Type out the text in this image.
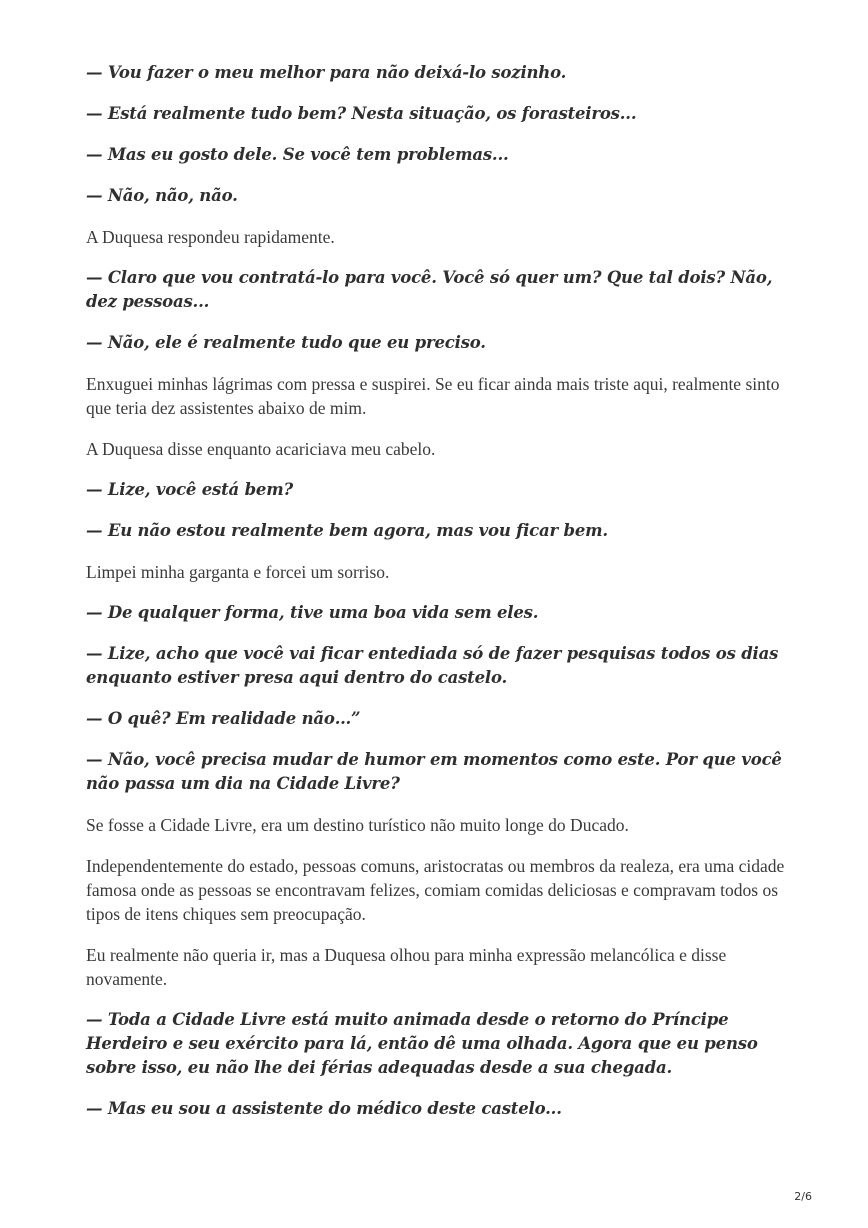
— Vou fazer o meu melhor para não deixá-lo sozinho.

— Está realmente tudo bem? Nesta situação, os forasteiros...

— Mas eu gosto dele. Se você tem problemas...

— Não, não, não.

A Duquesa respondeu rapidamente.

— Claro que vou contratá-lo para você. Você só quer um? Que tal dois? Não, dez pessoas...

— Não, ele é realmente tudo que eu preciso.

Enxuguei minhas lágrimas com pressa e suspirei. Se eu ficar ainda mais triste aqui, realmente sinto que teria dez assistentes abaixo de mim.

A Duquesa disse enquanto acariciava meu cabelo.

— Lize, você está bem?

— Eu não estou realmente bem agora, mas vou ficar bem.

Limpei minha garganta e forcei um sorriso.

— De qualquer forma, tive uma boa vida sem eles.

— Lize, acho que você vai ficar entediada só de fazer pesquisas todos os dias enquanto estiver presa aqui dentro do castelo.

— O quê? Em realidade não…”

— Não, você precisa mudar de humor em momentos como este. Por que você não passa um dia na Cidade Livre?

Se fosse a Cidade Livre, era um destino turístico não muito longe do Ducado.

Independentemente do estado, pessoas comuns, aristocratas ou membros da realeza, era uma cidade famosa onde as pessoas se encontravam felizes, comiam comidas deliciosas e compravam todos os tipos de itens chiques sem preocupação.

Eu realmente não queria ir, mas a Duquesa olhou para minha expressão melancólica e disse novamente.

— Toda a Cidade Livre está muito animada desde o retorno do Príncipe Herdeiro e seu exército para lá, então dê uma olhada. Agora que eu penso sobre isso, eu não lhe dei férias adequadas desde a sua chegada.

— Mas eu sou a assistente do médico deste castelo...

2/6
